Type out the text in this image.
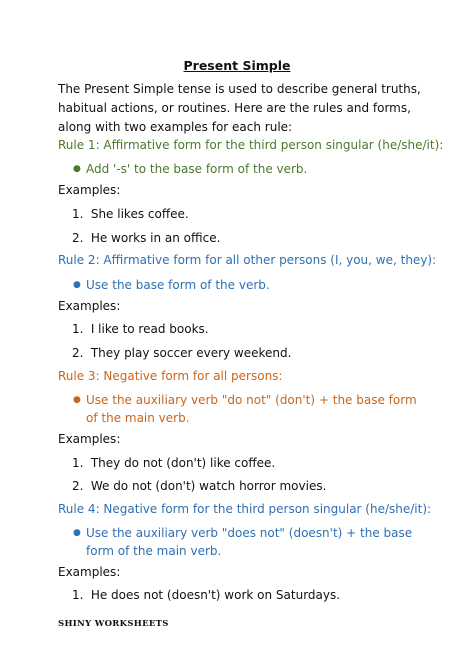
Present Simple
The Present Simple tense is used to describe general truths, habitual actions, or routines. Here are the rules and forms, along with two examples for each rule:
Rule 1: Affirmative form for the third person singular (he/she/it):
● Add '-s' to the base form of the verb.
Examples:
1. She likes coffee.
2. He works in an office.
Rule 2: Affirmative form for all other persons (I, you, we, they):
● Use the base form of the verb.
Examples:
1. I like to read books.
2. They play soccer every weekend.
Rule 3: Negative form for all persons:
● Use the auxiliary verb "do not" (don't) + the base form of the main verb.
Examples:
1. They do not (don't) like coffee.
2. We do not (don't) watch horror movies.
Rule 4: Negative form for the third person singular (he/she/it):
● Use the auxiliary verb "does not" (doesn't) + the base form of the main verb.
Examples:
1. He does not (doesn't) work on Saturdays.
SHINY WORKSHEETS
